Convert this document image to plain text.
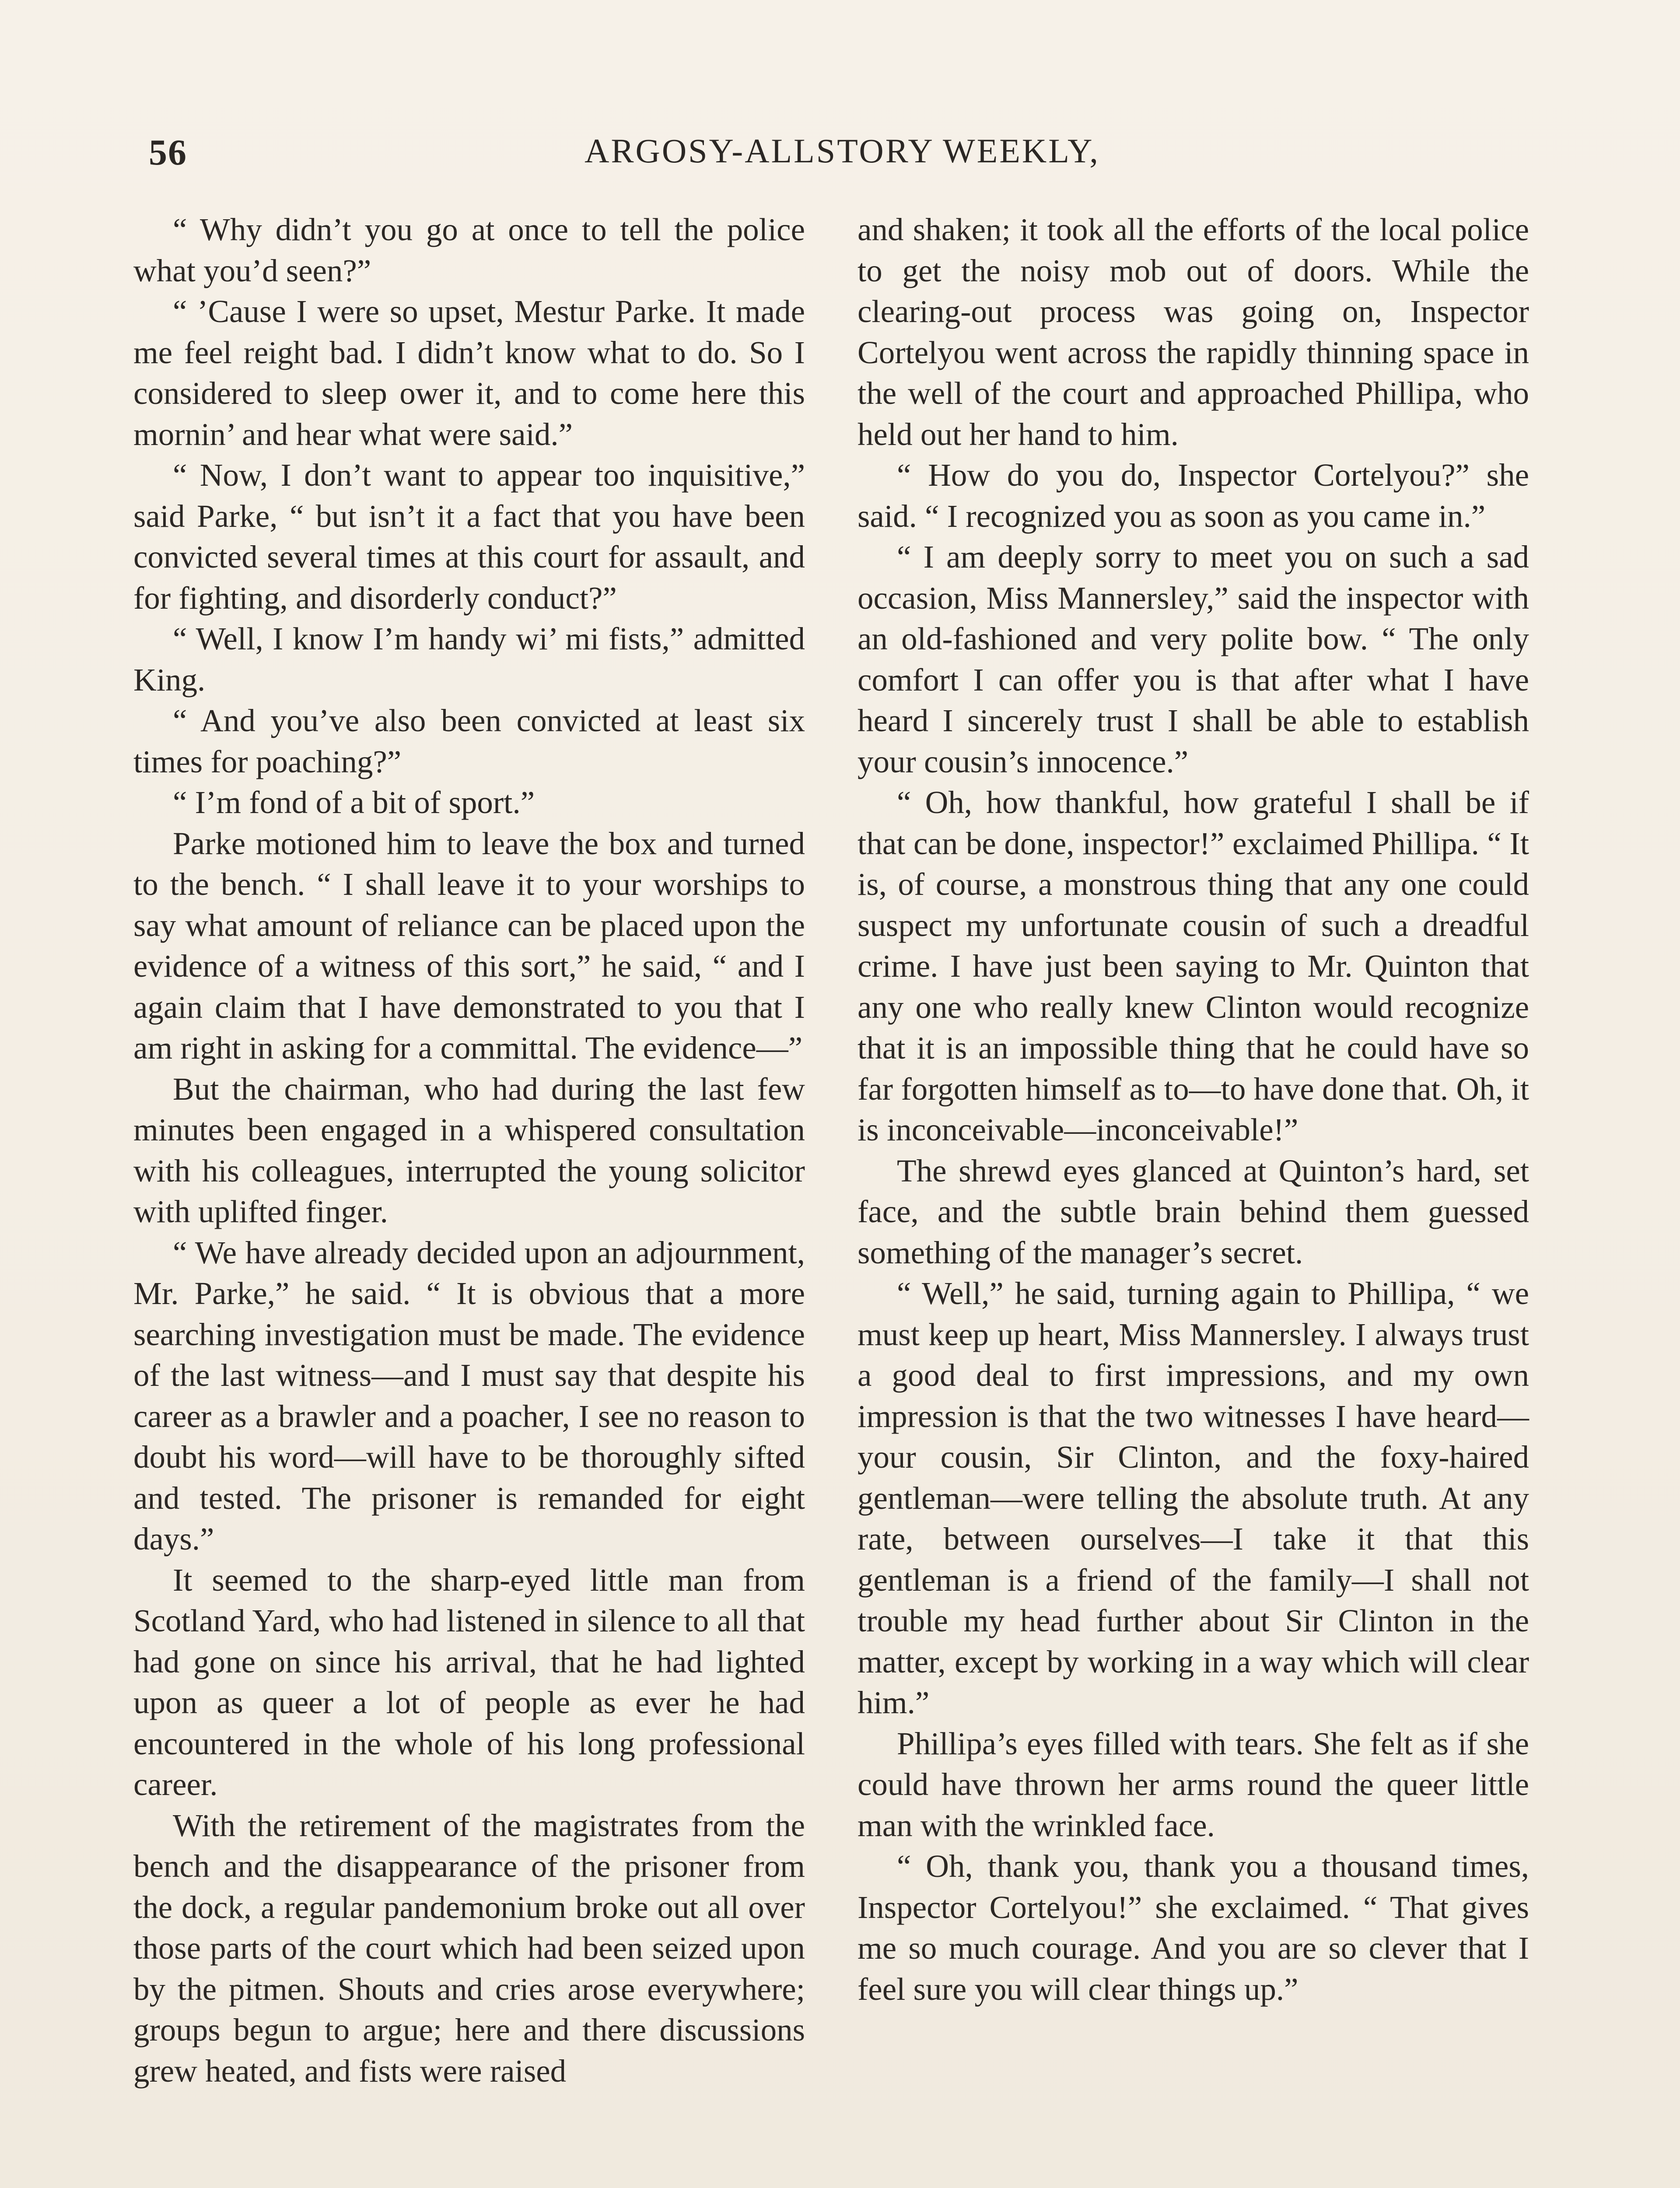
56	ARGOSY-ALLSTORY WEEKLY,

“ Why didn’t you go at once to tell the police what you’d seen?”

“ ’Cause I were so upset, Mestur Parke. It made me feel reight bad. I didn’t know what to do. So I considered to sleep ower it, and to come here this mornin’ and hear what were said.”

“ Now, I don’t want to appear too inquisitive,” said Parke, “ but isn’t it a fact that you have been convicted several times at this court for assault, and for fighting, and disorderly conduct?”

“ Well, I know I’m handy wi’ mi fists,” admitted King.

“ And you’ve also been convicted at least six times for poaching?”

“ I’m fond of a bit of sport.”

Parke motioned him to leave the box and turned to the bench. “ I shall leave it to your worships to say what amount of reliance can be placed upon the evidence of a witness of this sort,” he said, “ and I again claim that I have demonstrated to you that I am right in asking for a committal. The evidence—”

But the chairman, who had during the last few minutes been engaged in a whispered consultation with his colleagues, interrupted the young solicitor with uplifted finger.

“ We have already decided upon an adjournment, Mr. Parke,” he said. “ It is obvious that a more searching investigation must be made. The evidence of the last witness—and I must say that despite his career as a brawler and a poacher, I see no reason to doubt his word—will have to be thoroughly sifted and tested. The prisoner is remanded for eight days.”

It seemed to the sharp-eyed little man from Scotland Yard, who had listened in silence to all that had gone on since his arrival, that he had lighted upon as queer a lot of people as ever he had encountered in the whole of his long professional career.

With the retirement of the magistrates from the bench and the disappearance of the prisoner from the dock, a regular pandemonium broke out all over those parts of the court which had been seized upon by the pitmen. Shouts and cries arose everywhere; groups begun to argue; here and there discussions grew heated, and fists were raised

and shaken; it took all the efforts of the local police to get the noisy mob out of doors. While the clearing-out process was going on, Inspector Cortelyou went across the rapidly thinning space in the well of the court and approached Phillipa, who held out her hand to him.

“ How do you do, Inspector Cortelyou?” she said. “ I recognized you as soon as you came in.”

“ I am deeply sorry to meet you on such a sad occasion, Miss Mannersley,” said the inspector with an old-fashioned and very polite bow. “ The only comfort I can offer you is that after what I have heard I sincerely trust I shall be able to establish your cousin’s innocence.”

“ Oh, how thankful, how grateful I shall be if that can be done, inspector!” exclaimed Phillipa. “ It is, of course, a monstrous thing that any one could suspect my unfortunate cousin of such a dreadful crime. I have just been saying to Mr. Quinton that any one who really knew Clinton would recognize that it is an impossible thing that he could have so far forgotten himself as to—to have done that. Oh, it is inconceivable—inconceivable!”

The shrewd eyes glanced at Quinton’s hard, set face, and the subtle brain behind them guessed something of the manager’s secret.

“ Well,” he said, turning again to Phillipa, “ we must keep up heart, Miss Mannersley. I always trust a good deal to first impressions, and my own impression is that the two witnesses I have heard—your cousin, Sir Clinton, and the foxy-haired gentleman—were telling the absolute truth. At any rate, between ourselves—I take it that this gentleman is a friend of the family—I shall not trouble my head further about Sir Clinton in the matter, except by working in a way which will clear him.”

Phillipa’s eyes filled with tears. She felt as if she could have thrown her arms round the queer little man with the wrinkled face.

“ Oh, thank you, thank you a thousand times, Inspector Cortelyou!” she exclaimed. “ That gives me so much courage. And you are so clever that I feel sure you will clear things up.”
